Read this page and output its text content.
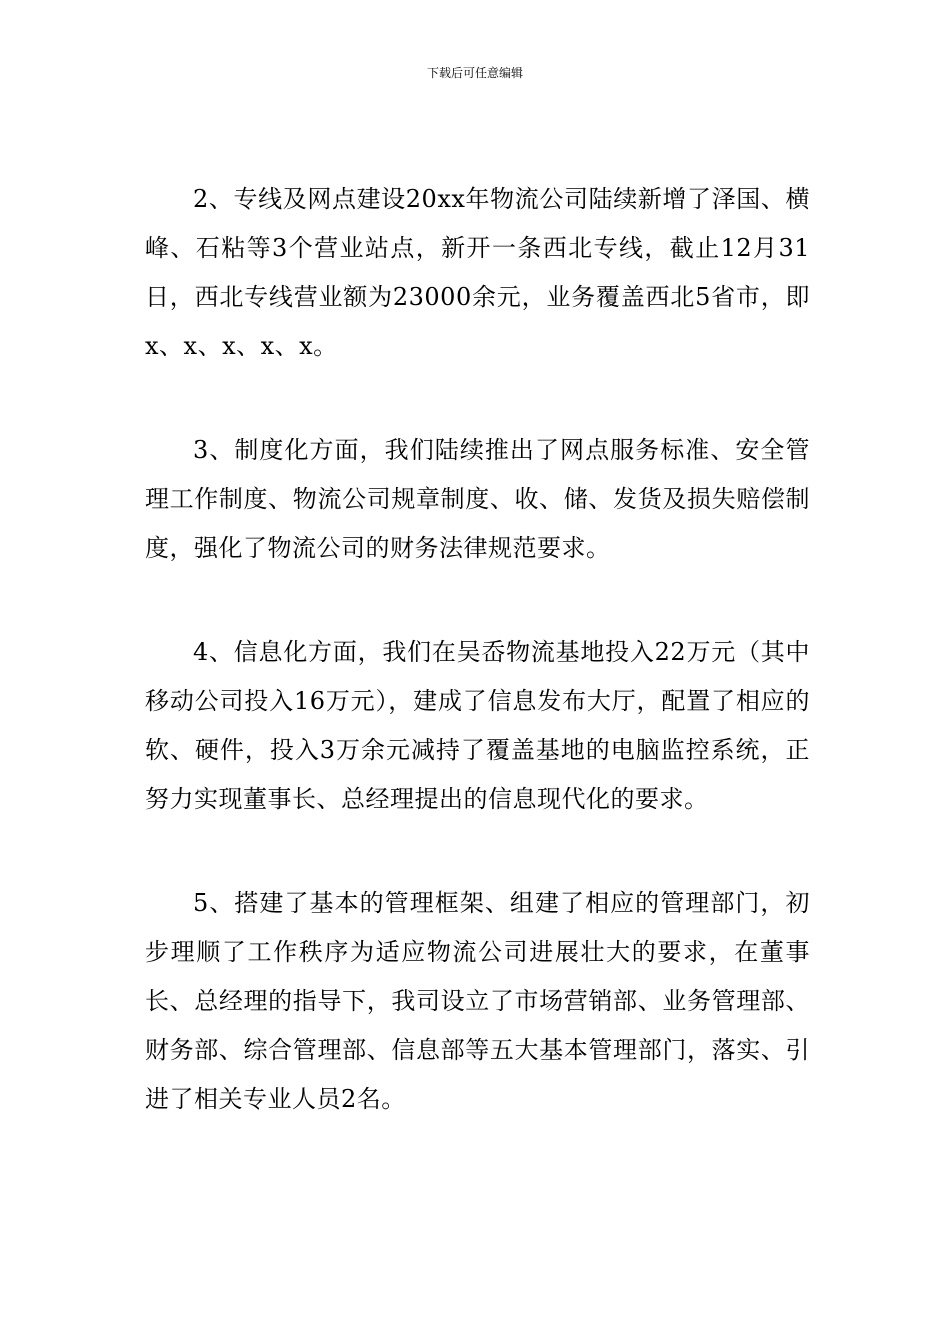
下载后可任意编辑

2、专线及网点建设20xx年物流公司陆续新增了泽国、横峰、石粘等3个营业站点，新开一条西北专线，截止12月31日，西北专线营业额为23000余元，业务覆盖西北5省市，即x、x、x、x、x。

3、制度化方面，我们陆续推出了网点服务标准、安全管理工作制度、物流公司规章制度、收、储、发货及损失赔偿制度，强化了物流公司的财务法律规范要求。

4、信息化方面，我们在吴岙物流基地投入22万元（其中移动公司投入16万元），建成了信息发布大厅，配置了相应的软、硬件，投入3万余元减持了覆盖基地的电脑监控系统，正努力实现董事长、总经理提出的信息现代化的要求。

5、搭建了基本的管理框架、组建了相应的管理部门，初步理顺了工作秩序为适应物流公司进展壮大的要求，在董事长、总经理的指导下，我司设立了市场营销部、业务管理部、财务部、综合管理部、信息部等五大基本管理部门，落实、引进了相关专业人员2名。
